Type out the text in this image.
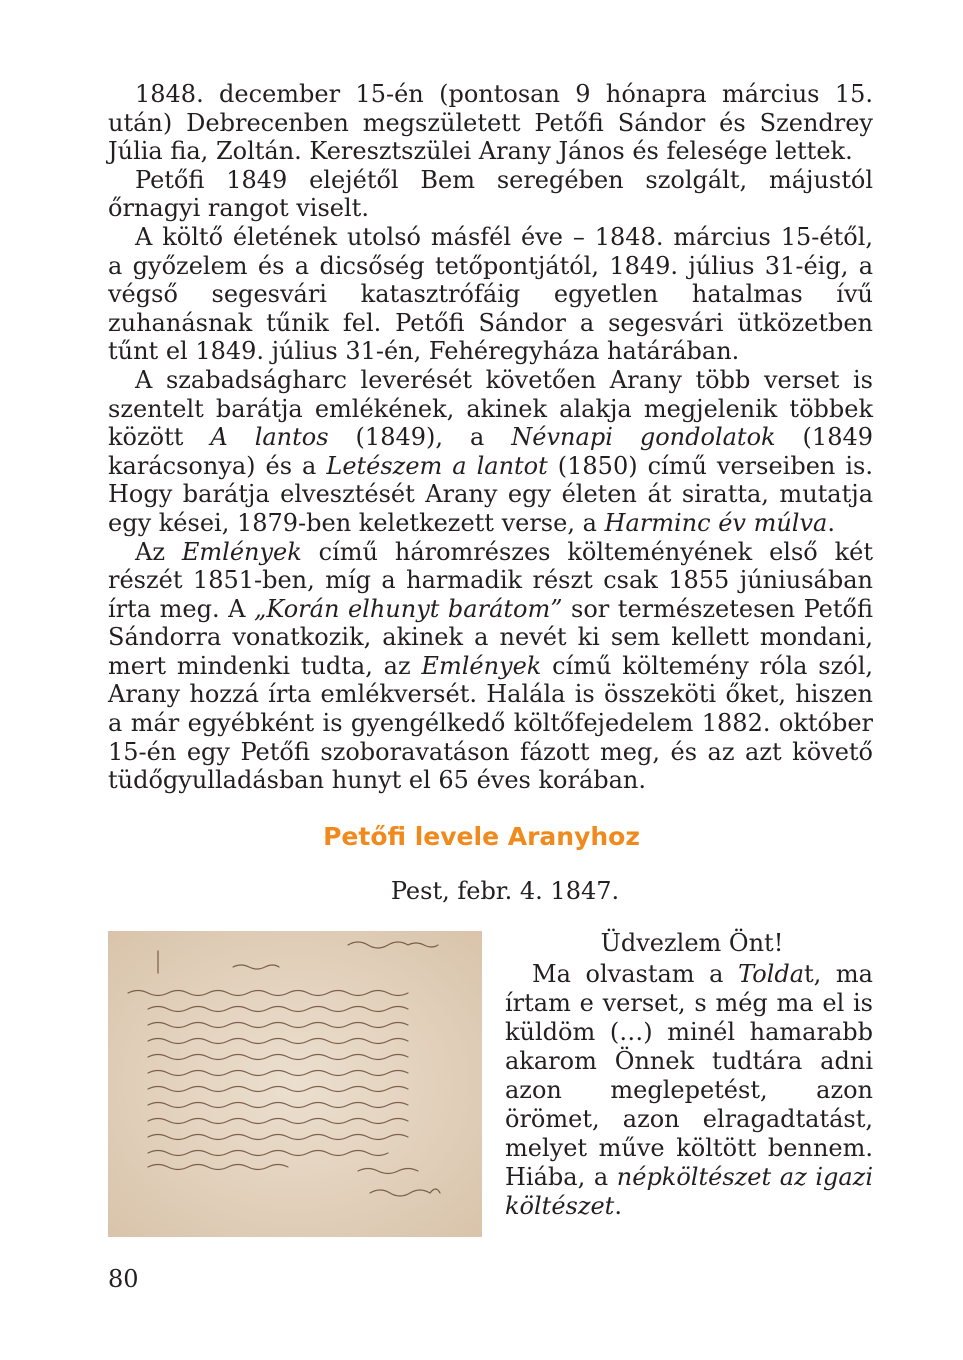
1848. december 15-én (pontosan 9 hónapra március 15. után) Debrecenben megszületett Petőfi Sándor és Szendrey Júlia fia, Zoltán. Keresztszülei Arany János és felesége lettek.

Petőfi 1849 elejétől Bem seregében szolgált, májustól őrnagyi rangot viselt.

A költő életének utolsó másfél éve – 1848. március 15-étől, a győzelem és a dicsőség tetőpontjától, 1849. július 31-éig, a végső segesvári katasztrófáig egyetlen hatalmas ívű zuhanásnak tűnik fel. Petőfi Sándor a segesvári ütközetben tűnt el 1849. július 31-én, Fehéregyháza határában.

A szabadságharc leverését követően Arany több verset is szentelt barátja emlékének, akinek alakja megjelenik többek között A lantos (1849), a Névnapi gondolatok (1849 karácsonya) és a Letészem a lantot (1850) című verseiben is. Hogy barátja elvesztését Arany egy életen át siratta, mutatja egy kései, 1879-ben keletkezett verse, a Harminc év múlva.

Az Emlények című háromrészes költeményének első két részét 1851-ben, míg a harmadik részt csak 1855 júniusában írta meg. A „Korán elhunyt barátom” sor természetesen Petőfi Sándorra vonatkozik, akinek a nevét ki sem kellett mondani, mert mindenki tudta, az Emlények című költemény róla szól, Arany hozzá írta emlékversét. Halála is összeköti őket, hiszen a már egyébként is gyengélkedő költőfejedelem 1882. október 15-én egy Petőfi szoboravatáson fázott meg, és az azt követő tüdőgyulladásban hunyt el 65 éves korában.

Petőfi levele Aranyhoz
Pest, febr. 4. 1847.

Üdvezlem Önt!

Ma olvastam a Toldat, ma írtam e verset, s még ma el is küldöm (…) minél hamarabb akarom Önnek tudtára adni azon meglepetést, azon örömet, azon elragadtatást, melyet műve költött bennem. Hiába, a népköltészet az igazi költészet.

80
